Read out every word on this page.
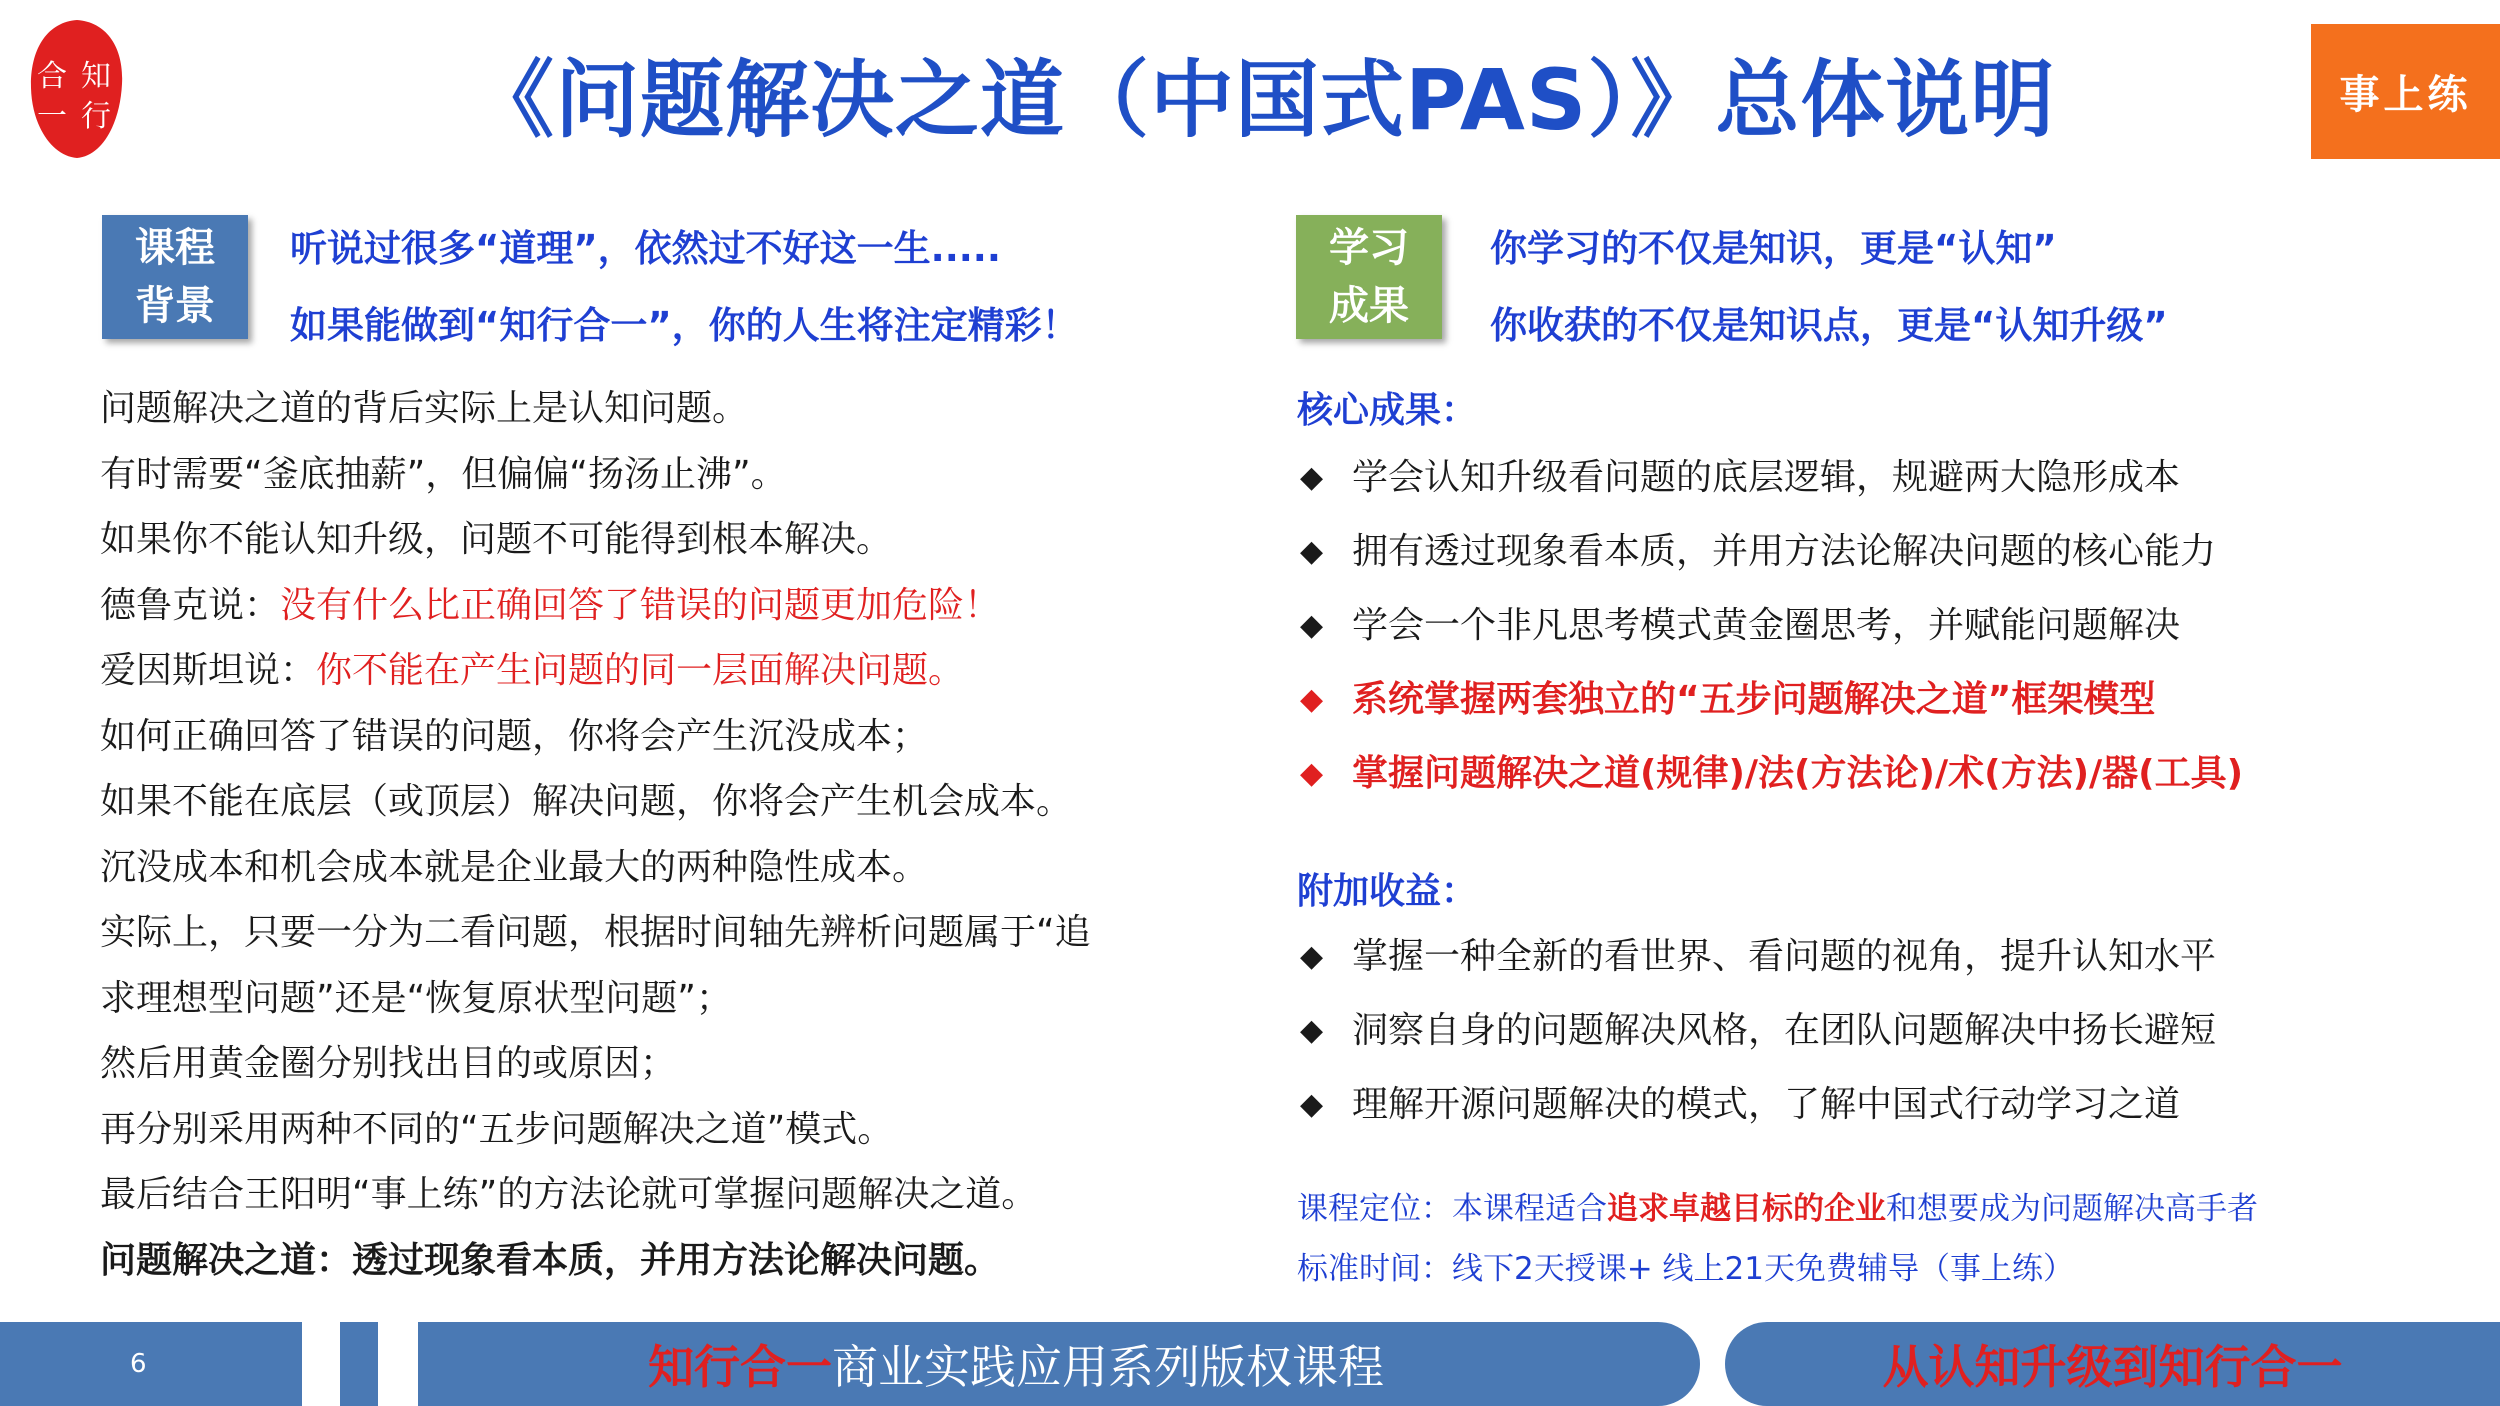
合 知
一 行	《问题解决之道（中国式PAS）》总体说明	事上练
课程
背景
听说过很多“道理”，依然过不好这一生.....
如果能做到“知行合一”，你的人生将注定精彩！
问题解决之道的背后实际上是认知问题。
有时需要“釜底抽薪”，但偏偏“扬汤止沸”。
如果你不能认知升级，问题不可能得到根本解决。
德鲁克说：没有什么比正确回答了错误的问题更加危险！
爱因斯坦说：你不能在产生问题的同一层面解决问题。
如何正确回答了错误的问题，你将会产生沉没成本；
如果不能在底层（或顶层）解决问题，你将会产生机会成本。
沉没成本和机会成本就是企业最大的两种隐性成本。
实际上，只要一分为二看问题，根据时间轴先辨析问题属于“追
求理想型问题”还是“恢复原状型问题”；
然后用黄金圈分别找出目的或原因；
再分别采用两种不同的“五步问题解决之道”模式。
最后结合王阳明“事上练”的方法论就可掌握问题解决之道。
问题解决之道：透过现象看本质，并用方法论解决问题。
学习
成果
你学习的不仅是知识，更是“认知”
你收获的不仅是知识点，更是“认知升级”
核心成果：
◆ 学会认知升级看问题的底层逻辑，规避两大隐形成本
◆ 拥有透过现象看本质，并用方法论解决问题的核心能力
◆ 学会一个非凡思考模式黄金圈思考，并赋能问题解决
◆ 系统掌握两套独立的“五步问题解决之道”框架模型
◆ 掌握问题解决之道(规律)/法(方法论)/术(方法)/器(工具)
附加收益：
◆ 掌握一种全新的看世界、看问题的视角，提升认知水平
◆ 洞察自身的问题解决风格，在团队问题解决中扬长避短
◆ 理解开源问题解决的模式，了解中国式行动学习之道
课程定位：本课程适合追求卓越目标的企业和想要成为问题解决高手者
标准时间：线下2天授课+ 线上21天免费辅导（事上练）
6	知行合一 商业实践应用系列版权课程	从认知升级到知行合一
